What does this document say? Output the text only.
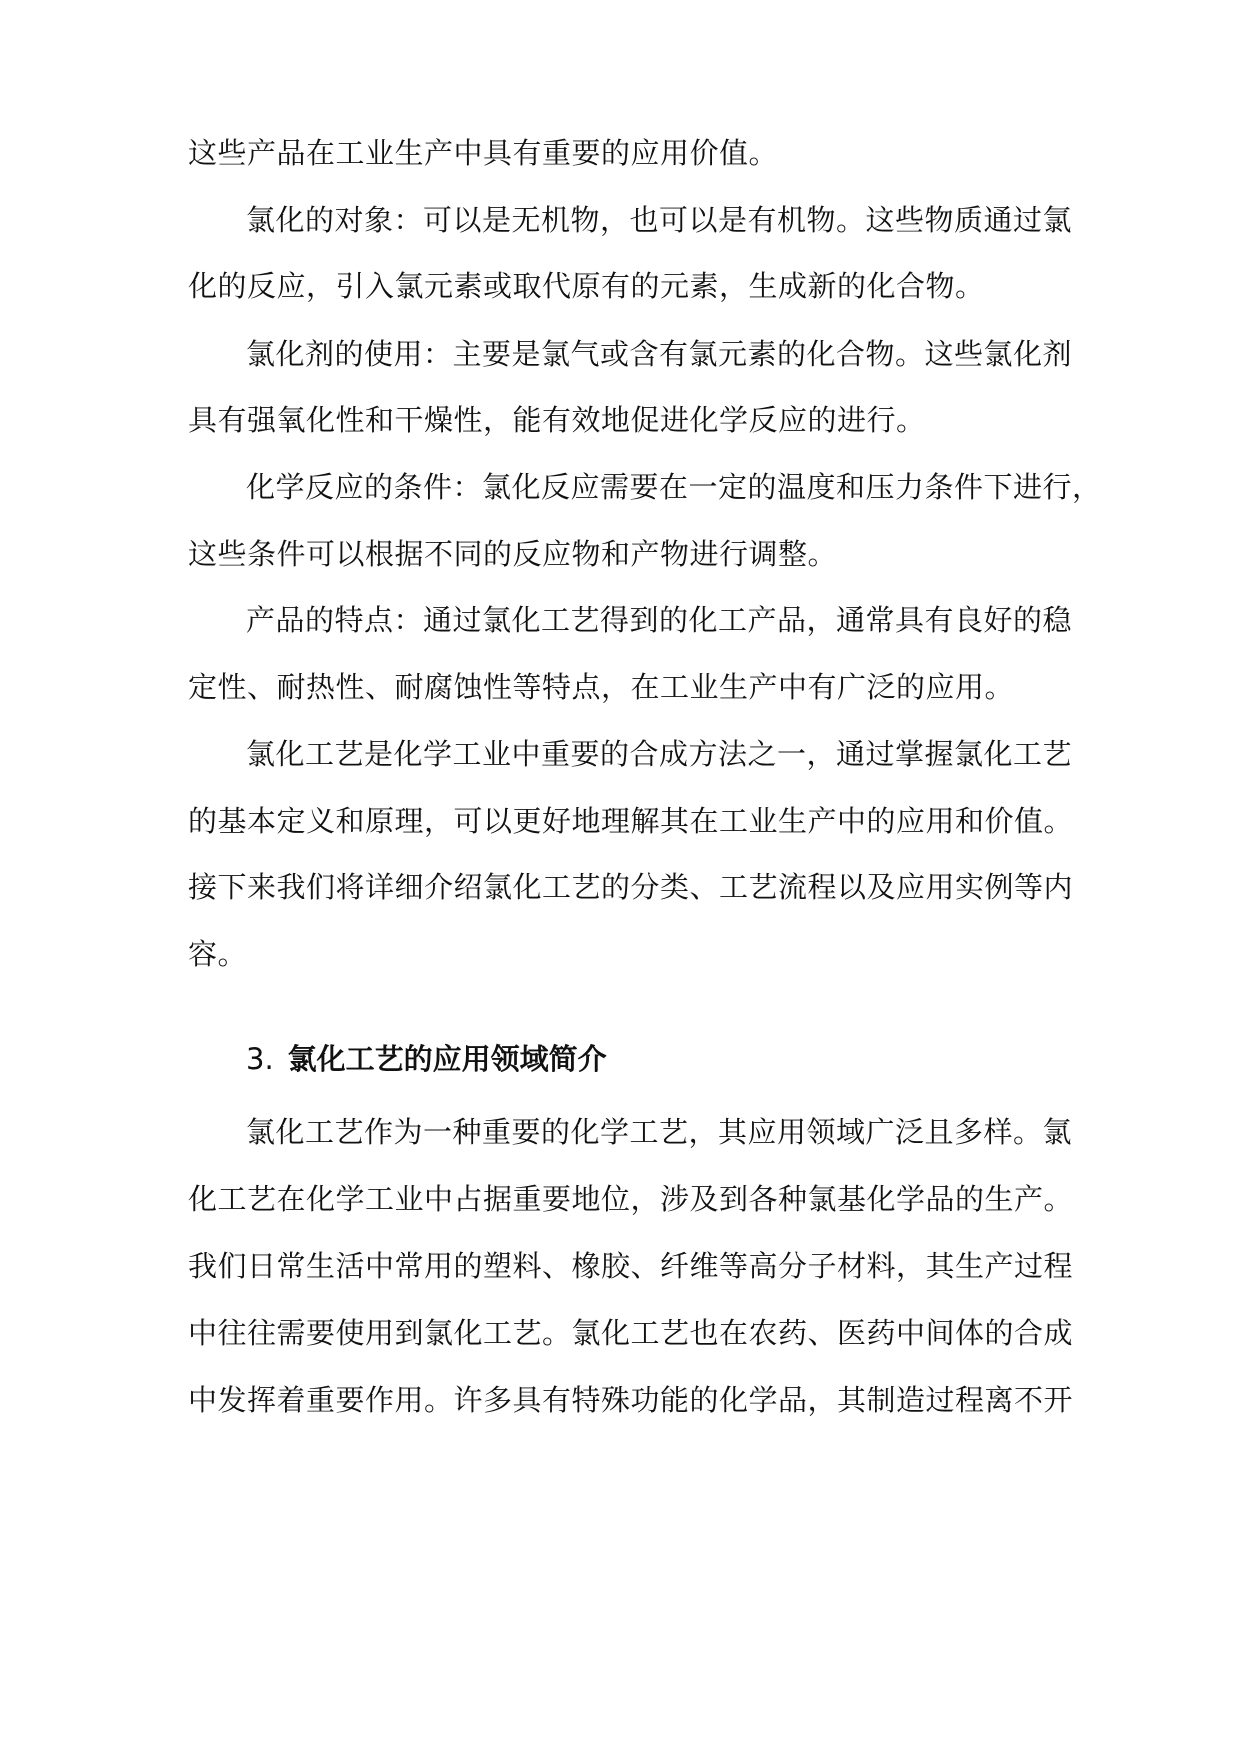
这些产品在工业生产中具有重要的应用价值。
氯化的对象：可以是无机物，也可以是有机物。这些物质通过氯
化的反应，引入氯元素或取代原有的元素，生成新的化合物。
氯化剂的使用：主要是氯气或含有氯元素的化合物。这些氯化剂
具有强氧化性和干燥性，能有效地促进化学反应的进行。
化学反应的条件：氯化反应需要在一定的温度和压力条件下进行，
这些条件可以根据不同的反应物和产物进行调整。
产品的特点：通过氯化工艺得到的化工产品，通常具有良好的稳
定性、耐热性、耐腐蚀性等特点，在工业生产中有广泛的应用。
氯化工艺是化学工业中重要的合成方法之一，通过掌握氯化工艺
的基本定义和原理，可以更好地理解其在工业生产中的应用和价值。
接下来我们将详细介绍氯化工艺的分类、工艺流程以及应用实例等内
容。
3. 氯化工艺的应用领域简介
氯化工艺作为一种重要的化学工艺，其应用领域广泛且多样。氯
化工艺在化学工业中占据重要地位，涉及到各种氯基化学品的生产。
我们日常生活中常用的塑料、橡胶、纤维等高分子材料，其生产过程
中往往需要使用到氯化工艺。氯化工艺也在农药、医药中间体的合成
中发挥着重要作用。许多具有特殊功能的化学品，其制造过程离不开
